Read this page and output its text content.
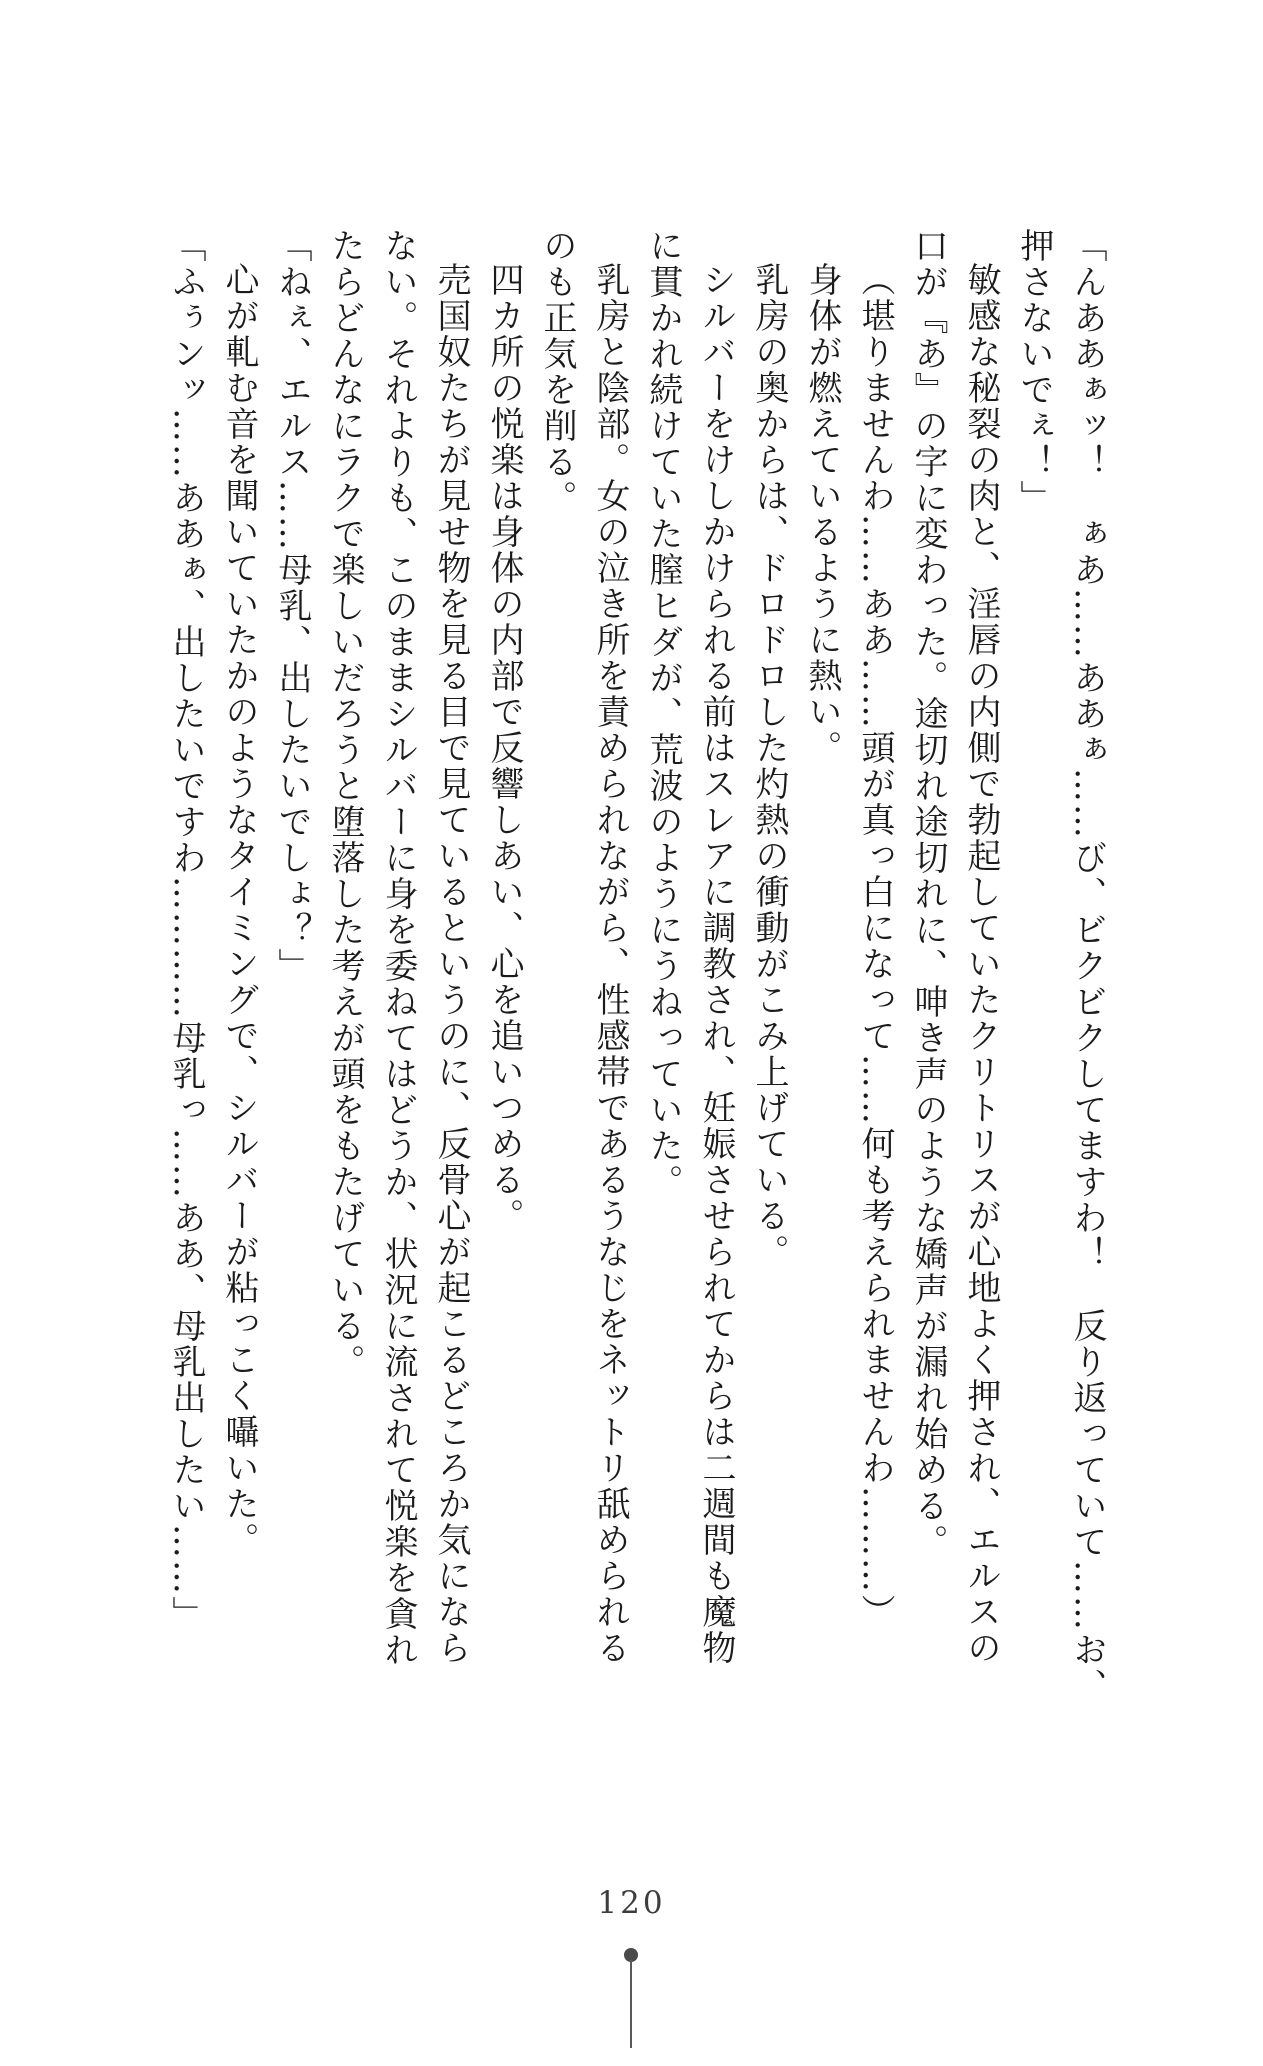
「んああぁッ！　ぁあ……ああぁ……び、ビクビクしてますわ！　反り返っていて……お、
押さないでぇ！」
敏感な秘裂の肉と、淫唇の内側で勃起していたクリトリスが心地よく押され、エルスの
口が『あ』の字に変わった。途切れ途切れに、呻き声のような嬌声が漏れ始める。
（堪りませんわ……ああ……頭が真っ白になって……何も考えられませんわ………）
身体が燃えているように熱い。
乳房の奥からは、ドロドロした灼熱の衝動がこみ上げている。
シルバーをけしかけられる前はスレアに調教され、妊娠させられてからは二週間も魔物
に貫かれ続けていた膣ヒダが、荒波のようにうねっていた。
乳房と陰部。女の泣き所を責められながら、性感帯であるうなじをネットリ舐められる
のも正気を削る。
四カ所の悦楽は身体の内部で反響しあい、心を追いつめる。
売国奴たちが見せ物を見る目で見ているというのに、反骨心が起こるどころか気になら
ない。それよりも、このままシルバーに身を委ねてはどうか、状況に流されて悦楽を貪れ
たらどんなにラクで楽しいだろうと堕落した考えが頭をもたげている。
「ねぇ、エルス……母乳、出したいでしょ？」
心が軋む音を聞いていたかのようなタイミングで、シルバーが粘っこく囁いた。
「ふぅンッ……ああぁ、出したいですわ…………母乳っ……ああ、母乳出したい……」
120
